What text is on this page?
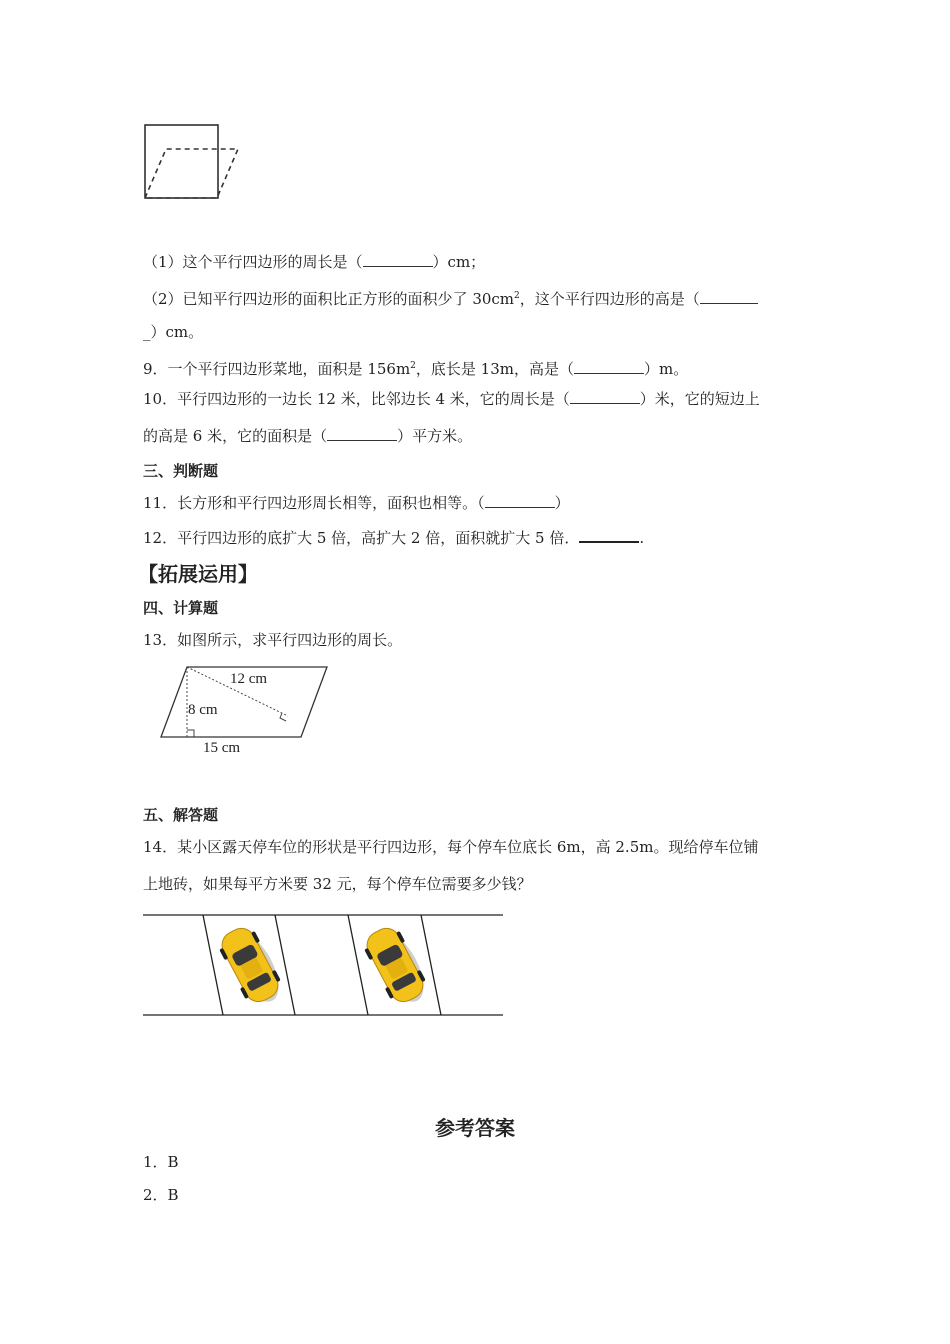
（1）这个平行四边形的周长是（	）cm；
（2）已知平行四边形的面积比正方形的面积少了 $30cm^2$，这个平行四边形的高是（
_）cm。
9．一个平行四边形菜地，面积是 $156m^2$，底长是 13m，高是（	）m。
10．平行四边形的一边长 12 米，比邻边长 4 米，它的周长是（	）米，它的短边上
的高是 6 米，它的面积是（	）平方米。
三、判断题
11．长方形和平行四边形周长相等，面积也相等。（	）
12．平行四边形的底扩大 5 倍，高扩大 2 倍，面积就扩大 5 倍．	.
【拓展运用】
四、计算题
13．如图所示，求平行四边形的周长。
12 cm
8 cm
15 cm
五、解答题
14．某小区露天停车位的形状是平行四边形，每个停车位底长 6m，高 2.5m。现给停车位铺
上地砖，如果每平方米要 32 元，每个停车位需要多少钱？
参考答案
1．B
2．B
